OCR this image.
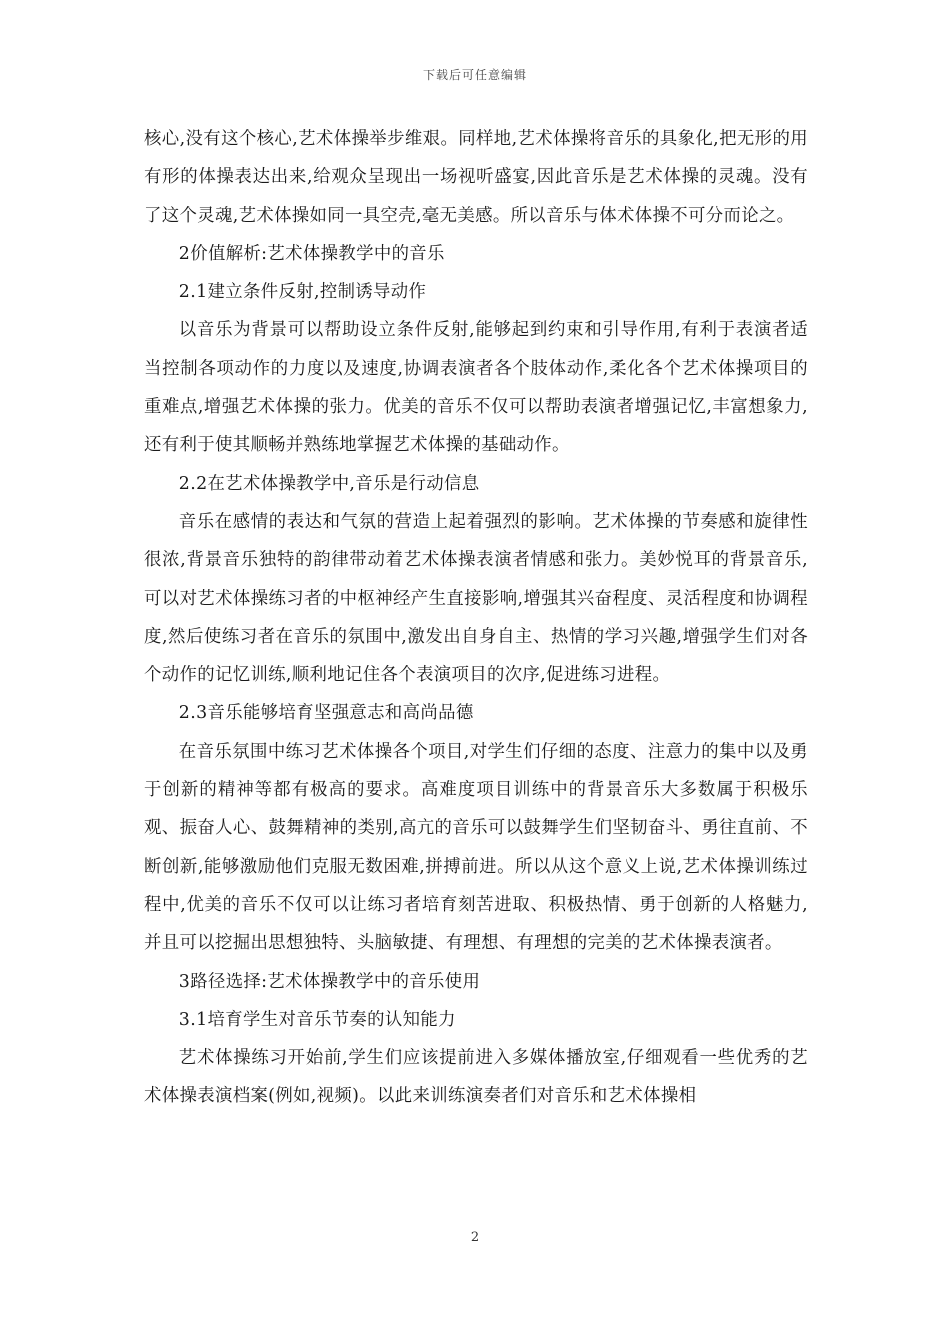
下载后可任意编辑

核心,没有这个核心,艺术体操举步维艰。同样地,艺术体操将音乐的具象化,把无形的用有形的体操表达出来,给观众呈现出一场视听盛宴,因此音乐是艺术体操的灵魂。没有了这个灵魂,艺术体操如同一具空壳,毫无美感。所以音乐与体术体操不可分而论之。

2价值解析:艺术体操教学中的音乐

2.1建立条件反射,控制诱导动作

以音乐为背景可以帮助设立条件反射,能够起到约束和引导作用,有利于表演者适当控制各项动作的力度以及速度,协调表演者各个肢体动作,柔化各个艺术体操项目的重难点,增强艺术体操的张力。优美的音乐不仅可以帮助表演者增强记忆,丰富想象力,还有利于使其顺畅并熟练地掌握艺术体操的基础动作。

2.2在艺术体操教学中,音乐是行动信息

音乐在感情的表达和气氛的营造上起着强烈的影响。艺术体操的节奏感和旋律性很浓,背景音乐独特的韵律带动着艺术体操表演者情感和张力。美妙悦耳的背景音乐,可以对艺术体操练习者的中枢神经产生直接影响,增强其兴奋程度、灵活程度和协调程度,然后使练习者在音乐的氛围中,激发出自身自主、热情的学习兴趣,增强学生们对各个动作的记忆训练,顺利地记住各个表演项目的次序,促进练习进程。

2.3音乐能够培育坚强意志和高尚品德

在音乐氛围中练习艺术体操各个项目,对学生们仔细的态度、注意力的集中以及勇于创新的精神等都有极高的要求。高难度项目训练中的背景音乐大多数属于积极乐观、振奋人心、鼓舞精神的类别,高亢的音乐可以鼓舞学生们坚韧奋斗、勇往直前、不断创新,能够激励他们克服无数困难,拼搏前进。所以从这个意义上说,艺术体操训练过程中,优美的音乐不仅可以让练习者培育刻苦进取、积极热情、勇于创新的人格魅力,并且可以挖掘出思想独特、头脑敏捷、有理想、有理想的完美的艺术体操表演者。

3路径选择:艺术体操教学中的音乐使用

3.1培育学生对音乐节奏的认知能力

艺术体操练习开始前,学生们应该提前进入多媒体播放室,仔细观看一些优秀的艺术体操表演档案(例如,视频)。以此来训练演奏者们对音乐和艺术体操相

2
